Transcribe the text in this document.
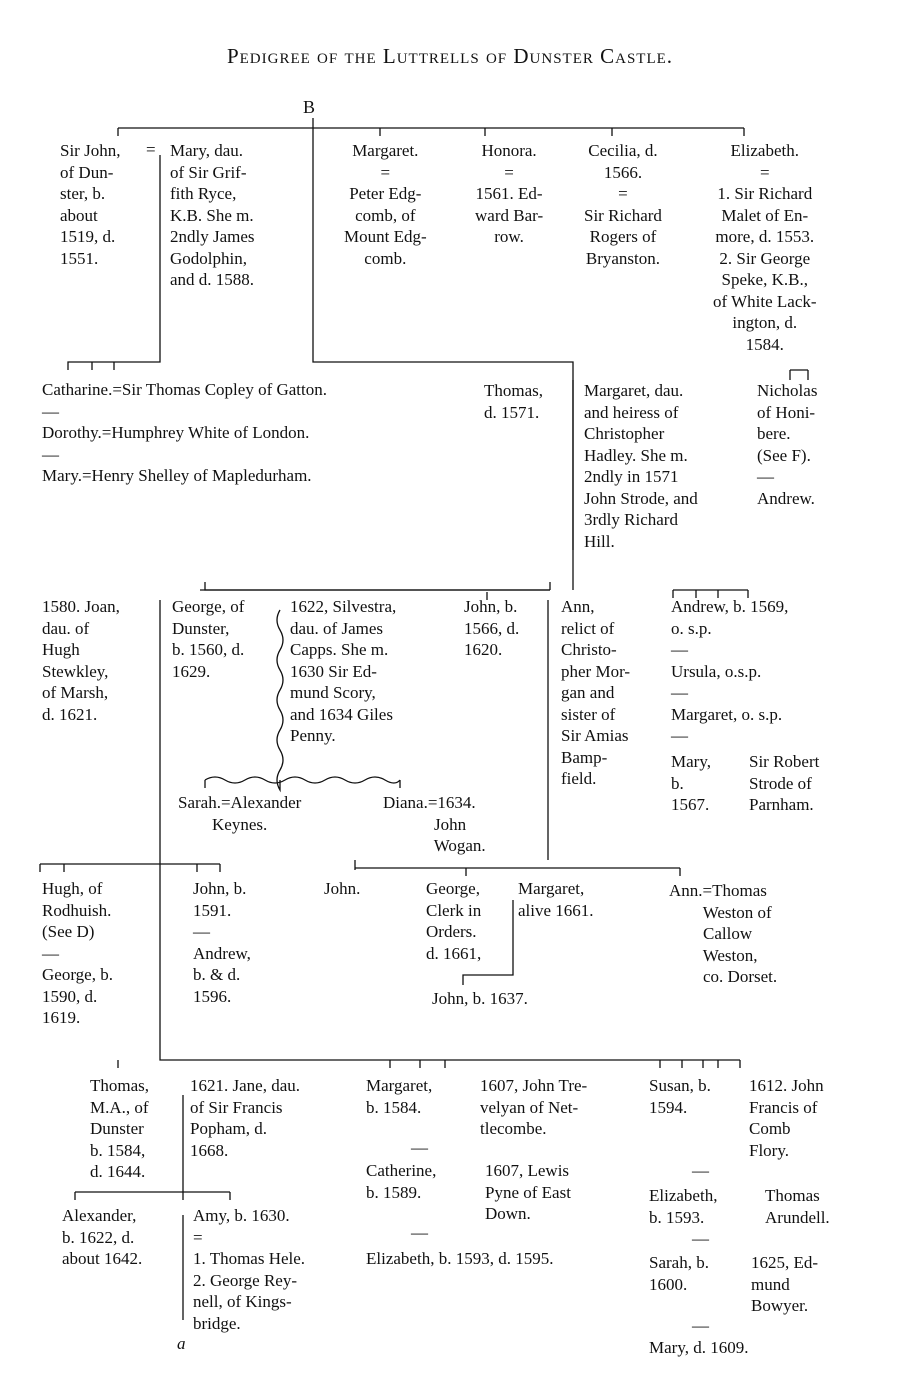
Pedigree of the Luttrells of Dunster Castle.
B
=
Sir John,
of Dun-
ster, b.
about
1519, d.
1551.
Mary, dau.
of Sir Grif-
fith Ryce,
K.B. She m.
2ndly James
Godolphin,
and d. 1588.
Margaret.
=
Peter Edg-
comb, of
Mount Edg-
comb.
Honora.
=
1561. Ed-
ward Bar-
row.
Cecilia, d.
1566.
=
Sir Richard
Rogers of
Bryanston.
Elizabeth.
=
1. Sir Richard
Malet of En-
more, d. 1553.
2. Sir George
Speke, K.B.,
of White Lack-
ington, d.
1584.
Catharine.=Sir Thomas Copley of Gatton.
—
Dorothy.=Humphrey White of London.
—
Mary.=Henry Shelley of Mapledurham.
Thomas,
d. 1571.
Margaret, dau.
and heiress of
Christopher
Hadley. She m.
2ndly in 1571
John Strode, and
3rdly Richard
Hill.
Nicholas
of Honi-
bere.
(See F).
—
Andrew.
1580. Joan,
dau. of
Hugh
Stewkley,
of Marsh,
d. 1621.
George, of
Dunster,
b. 1560, d.
1629.
1622, Silvestra,
dau. of James
Capps. She m.
1630 Sir Ed-
mund Scory,
and 1634 Giles
Penny.
John, b.
1566, d.
1620.
Ann,
relict of
Christo-
pher Mor-
gan and
sister of
Sir Amias
Bamp-
field.
Andrew, b. 1569,
o. s.p.
—
Ursula, o.s.p.
—
Margaret, o. s.p.
—
Mary,
b.
1567.
Sir Robert
Strode of
Parnham.
Sarah.=Alexander
Keynes.
Diana.=1634.
John
Wogan.
Hugh, of
Rodhuish.
(See D)
—
George, b.
1590, d.
1619.
John, b.
1591.
—
Andrew,
b. & d.
1596.
John.	George,
Clerk in
Orders.
d. 1661,
Margaret,
alive 1661.
John, b. 1637.
Ann.=Thomas
Weston of
Callow
Weston,
co. Dorset.
Thomas,
M.A., of
Dunster
b. 1584,
d. 1644.
1621. Jane, dau.
of Sir Francis
Popham, d.
1668.
Margaret,
b. 1584.
1607, John Tre-
velyan of Net-
tlecombe.
—
Catherine,
b. 1589.
1607, Lewis
Pyne of East
Down.
—
Elizabeth, b. 1593, d. 1595.
Susan, b.
1594.
1612. John
Francis of
Comb
Flory.
—
Elizabeth,
b. 1593.
Thomas
Arundell.
—
Sarah, b.
1600.
1625, Ed-
mund
Bowyer.
—
Mary, d. 1609.
Alexander,
b. 1622, d.
about 1642.
Amy, b. 1630.
=
1. Thomas Hele.
2. George Rey-
nell, of Kings-
bridge.
a
